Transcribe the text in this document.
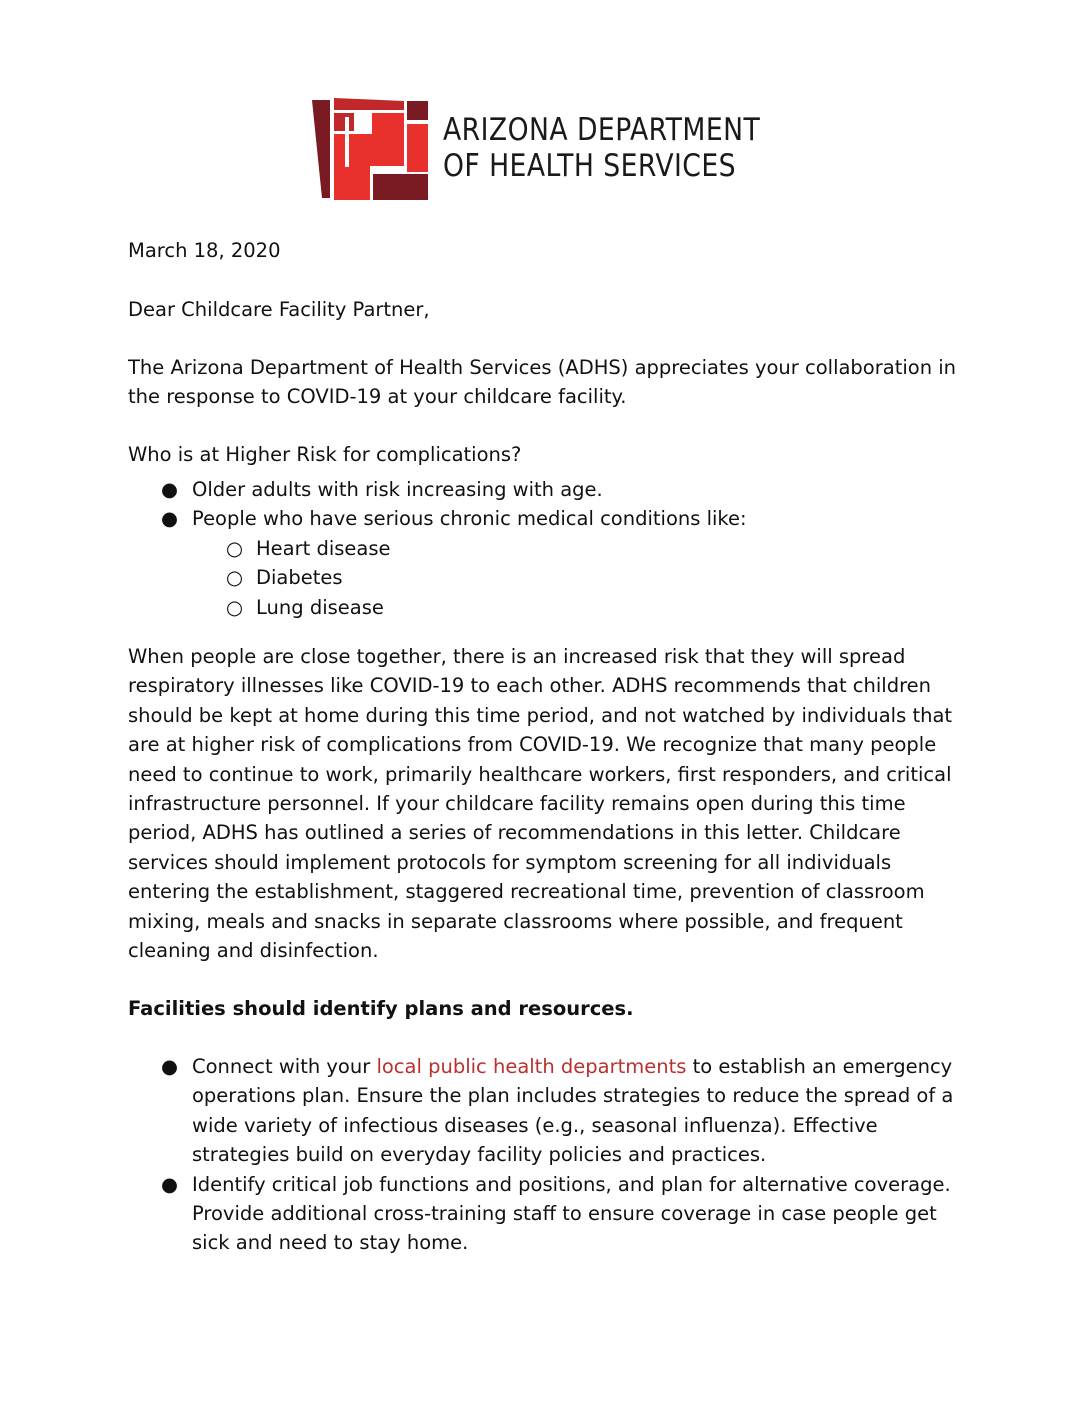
ARIZONA DEPARTMENT
OF HEALTH SERVICES
March 18, 2020
Dear Childcare Facility Partner,

The Arizona Department of Health Services (ADHS) appreciates your collaboration in the response to COVID-19 at your childcare facility.

Who is at Higher Risk for complications?
● Older adults with risk increasing with age.
● People who have serious chronic medical conditions like:
○ Heart disease
○ Diabetes
○ Lung disease

When people are close together, there is an increased risk that they will spread respiratory illnesses like COVID-19 to each other. ADHS recommends that children should be kept at home during this time period, and not watched by individuals that are at higher risk of complications from COVID-19. We recognize that many people need to continue to work, primarily healthcare workers, first responders, and critical infrastructure personnel. If your childcare facility remains open during this time period, ADHS has outlined a series of recommendations in this letter. Childcare services should implement protocols for symptom screening for all individuals entering the establishment, staggered recreational time, prevention of classroom mixing, meals and snacks in separate classrooms where possible, and frequent cleaning and disinfection.

Facilities should identify plans and resources.
● Connect with your local public health departments to establish an emergency operations plan. Ensure the plan includes strategies to reduce the spread of a wide variety of infectious diseases (e.g., seasonal influenza). Effective strategies build on everyday facility policies and practices.
● Identify critical job functions and positions, and plan for alternative coverage. Provide additional cross-training staff to ensure coverage in case people get sick and need to stay home.
